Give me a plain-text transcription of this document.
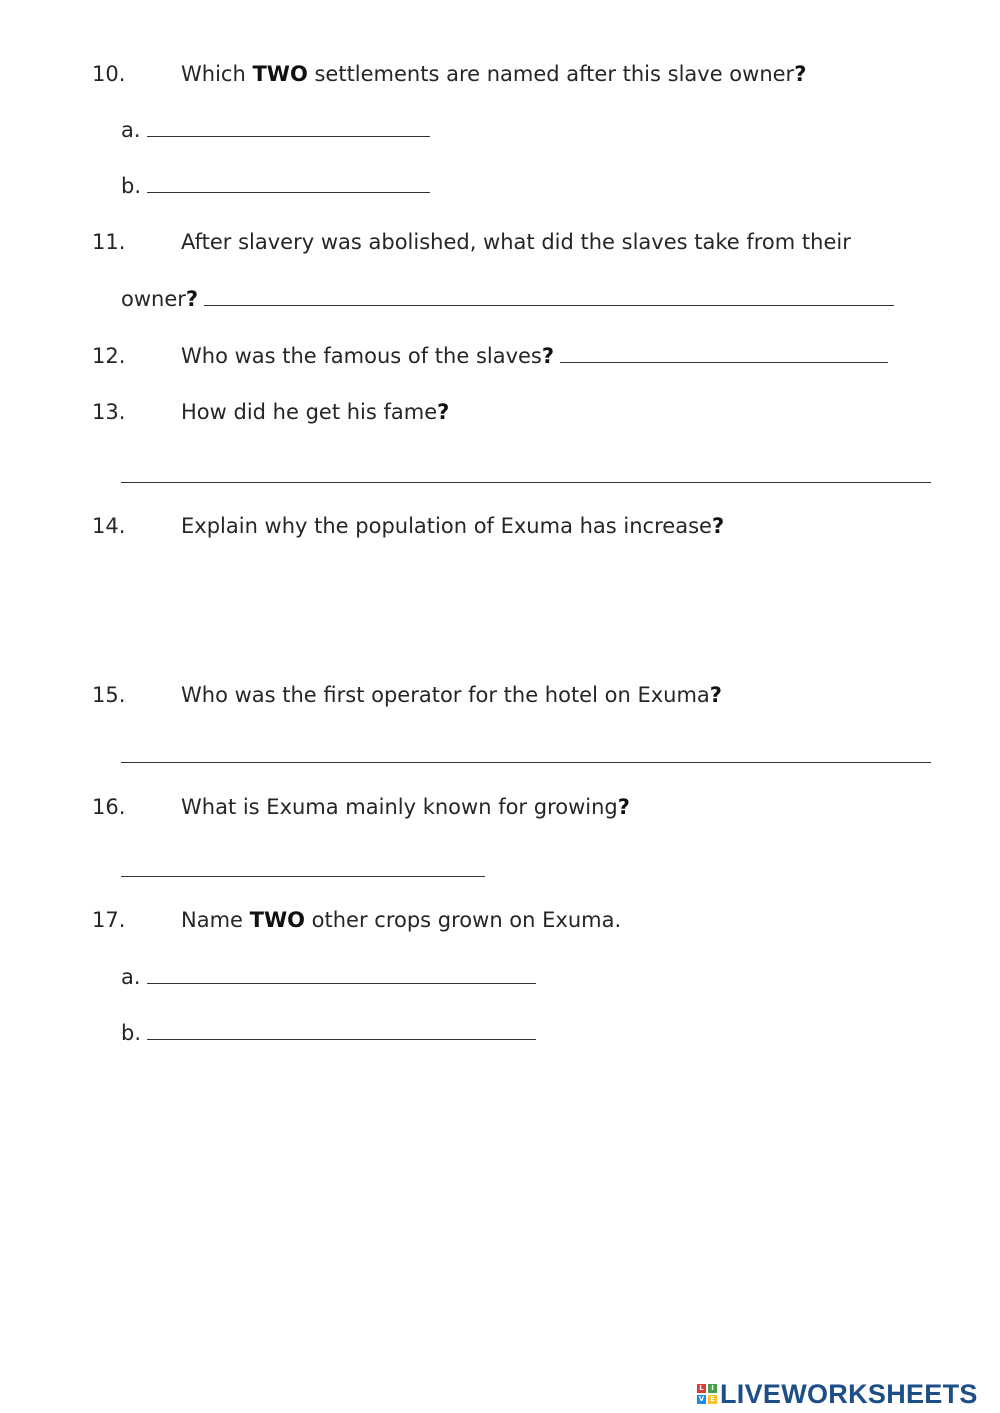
10.	Which TWO settlements are named after this slave owner?
a.
b.
11.	After slavery was abolished, what did the slaves take from their
owner?
12.	Who was the famous of the slaves?
13.	How did he get his fame?
14.	Explain why the population of Exuma has increase?
15.	Who was the first operator for the hotel on Exuma?
16.	What is Exuma mainly known for growing?
17.	Name TWO other crops grown on Exuma.
a.
b.
L	I
V E LIVEWORKSHEETS
